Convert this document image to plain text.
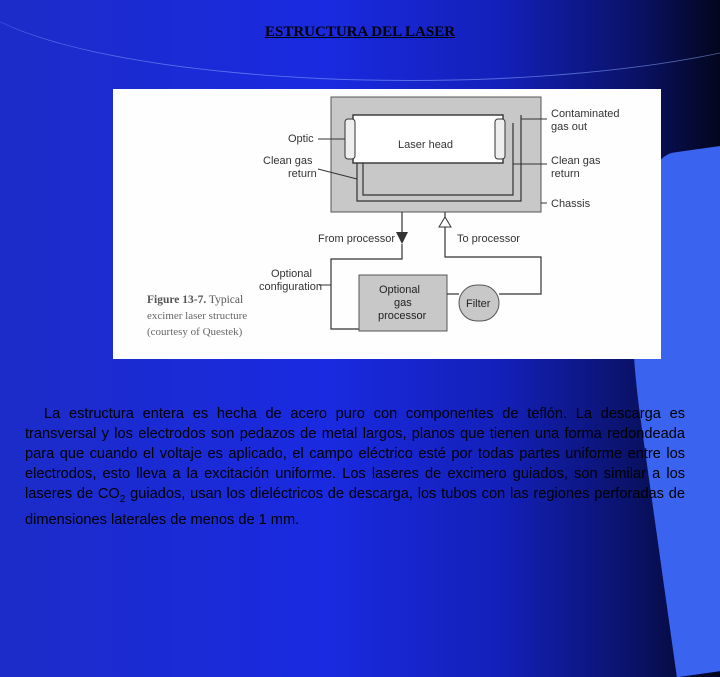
ESTRUCTURA DEL LASER
Laser head
Optic
Clean gas
return
Contaminated
gas out
Clean gas
return
Chassis
From processor	To processor
Optional
configuration	Optional
gas
processor
Filter
Figure 13-7. Typical
excimer laser structure
(courtesy of Questek)

La estructura entera es hecha de acero puro con componentes de teflón. La descarga es transversal y los electrodos son pedazos de metal largos, planos que tienen una forma redondeada para que cuando el voltaje es aplicado, el campo eléctrico esté por todas partes uniforme entre los electrodos, esto lleva a la excitación uniforme. Los laseres de excimero guiados, son similar a los laseres de $CO_2$ guiados, usan los dieléctricos de descarga, los tubos con las regiones perforadas de dimensiones laterales de menos de 1 mm.
